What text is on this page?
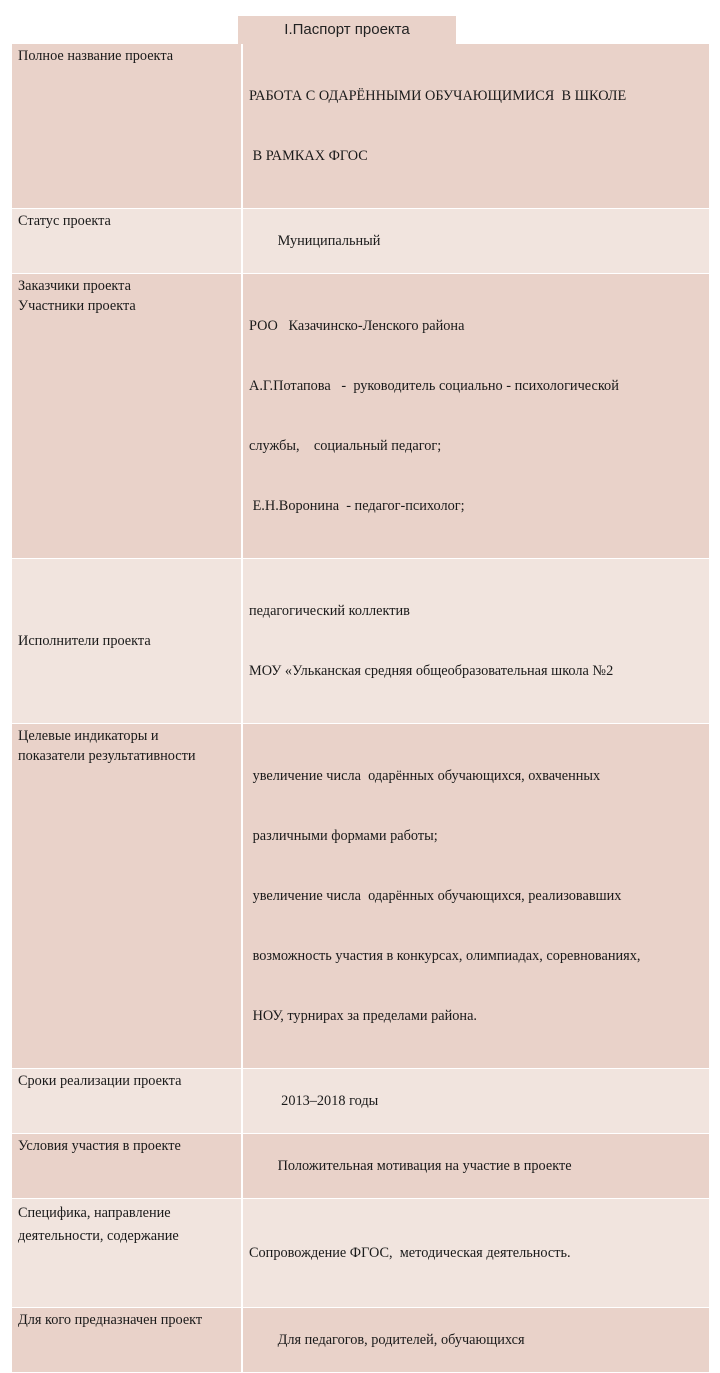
I.Паспорт проекта
Полное название проекта	РАБОТА С ОДАРЁННЫМИ ОБУЧАЮЩИМИСЯ  В ШКОЛЕ

В РАМКАХ ФГОС

Статус проекта	Муниципальный

Заказчики проекта
Участники проекта	РОО   Казачинско-Ленского района

А.Г.Потапова   -  руководитель социально - психологической

службы,    социальный педагог;

Е.Н.Воронина  - педагог-психолог;

Исполнители проекта	педагогический коллектив

МОУ «Ульканская средняя общеобразовательная школа №2

Целевые индикаторы и
показатели результативности	увеличение числа  одарённых обучающихся, охваченных

различными формами работы;

увеличение числа  одарённых обучающихся, реализовавших

возможность участия в конкурсах, олимпиадах, соревнованиях,

НОУ, турнирах за пределами района.

Сроки реализации проекта	2013–2018 годы

Условия участия в проекте	Положительная мотивация на участие в проекте

Специфика, направление
деятельности, содержание	Сопровождение ФГОС,  методическая деятельность.

Для кого предназначен проект	Для педагогов, родителей, обучающихся
